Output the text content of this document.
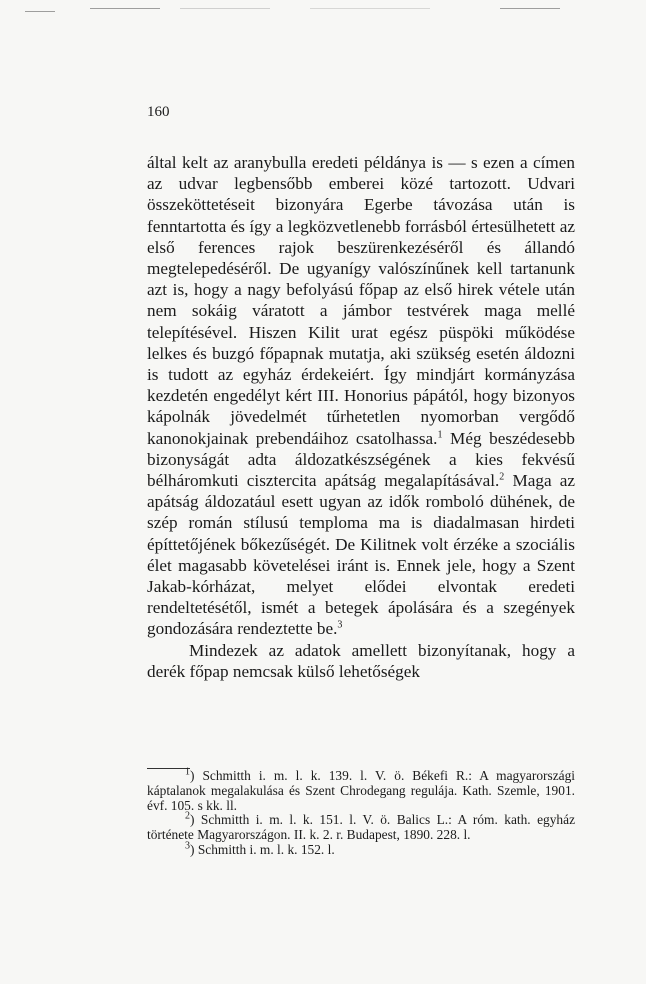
160

által kelt az aranybulla eredeti példánya is — s ezen a címen az udvar legbensőbb emberei közé tartozott. Udvari összeköttetéseit bizonyára Egerbe távozása után is fenntartotta és így a legközvetlenebb forrásból értesülhetett az első ferences rajok beszürenkezéséről és állandó megtelepedéséről. De ugyanígy valószínűnek kell tartanunk azt is, hogy a nagy befolyású főpap az első hirek vétele után nem sokáig váratott a jámbor testvérek maga mellé telepítésével. Hiszen Kilit urat egész püspöki működése lelkes és buzgó főpapnak mutatja, aki szükség esetén áldozni is tudott az egyház érdekeiért. Így mindjárt kormányzása kezdetén engedélyt kért III. Honorius pápától, hogy bizonyos kápolnák jövedelmét tűrhetetlen nyomorban vergődő kanonokjainak prebendáihoz csatolhassa.$^1$ Még beszédesebb bizonyságát adta áldozatkészségének a kies fekvésű bélháromkuti cisztercita apátság megalapításával.$^2$ Maga az apátság áldozatául esett ugyan az idők romboló dühének, de szép román stílusú temploma ma is diadalmasan hirdeti építtetőjének bőkezűségét. De Kilitnek volt érzéke a szociális élet magasabb követelései iránt is. Ennek jele, hogy a Szent Jakab-kórházat, melyet elődei elvontak eredeti rendeltetésétől, ismét a betegek ápolására és a szegények gondozására rendeztette be.$^3$

Mindezek az adatok amellett bizonyítanak, hogy a derék főpap nemcsak külső lehetőségek

$^1$) Schmitth i. m. l. k. 139. l. V. ö. Békefi R.: A magyarországi káptalanok megalakulása és Szent Chrodegang regulája. Kath. Szemle, 1901. évf. 105. s kk. ll.

$^2$) Schmitth i. m. l. k. 151. l. V. ö. Balics L.: A róm. kath. egyház története Magyarországon. II. k. 2. r. Budapest, 1890. 228. l.

$^3$) Schmitth i. m. l. k. 152. l.
